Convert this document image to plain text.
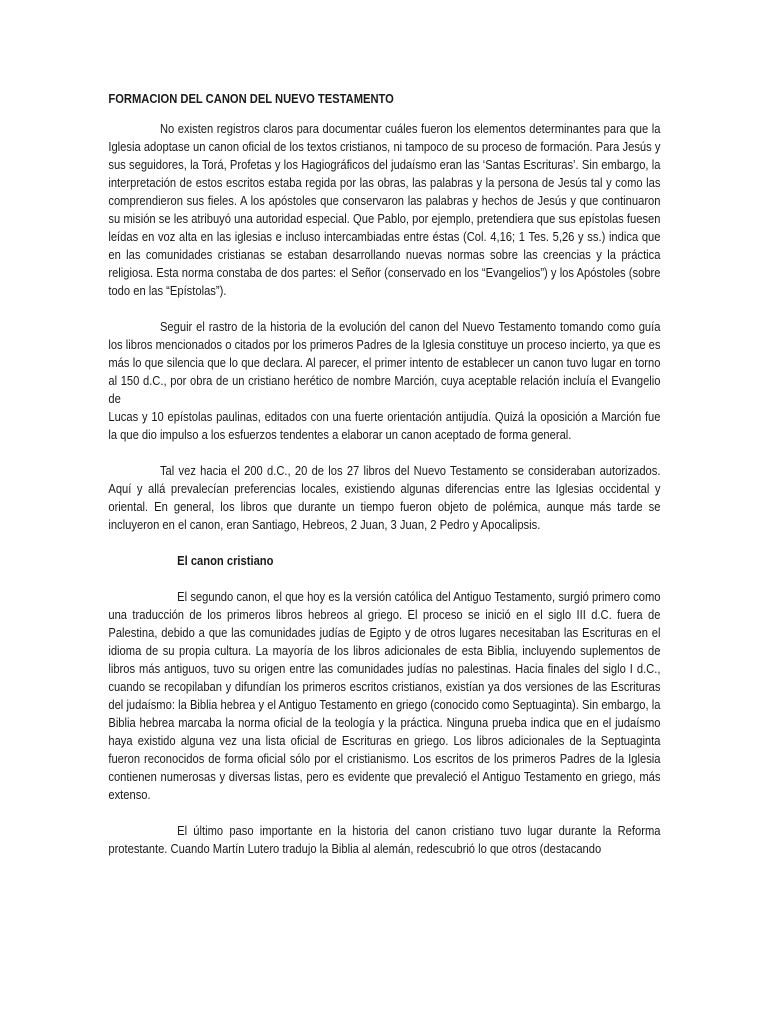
FORMACION DEL CANON DEL NUEVO TESTAMENTO

No existen registros claros para documentar cuáles fueron los elementos determinantes para que la Iglesia adoptase un canon oficial de los textos cristianos, ni tampoco de su proceso de formación. Para Jesús y sus seguidores, la Torá, Profetas y los Hagiográficos del judaísmo eran las ‘Santas Escrituras’. Sin embargo, la interpretación de estos escritos estaba regida por las obras, las palabras y la persona de Jesús tal y como las comprendieron sus fieles. A los apóstoles que conservaron las palabras y hechos de Jesús y que continuaron su misión se les atribuyó una autoridad especial. Que Pablo, por ejemplo, pretendiera que sus epístolas fuesen leídas en voz alta en las iglesias e incluso intercambiadas entre éstas (Col. 4,16; 1 Tes. 5,26 y ss.) indica que en las comunidades cristianas se estaban desarrollando nuevas normas sobre las creencias y la práctica religiosa. Esta norma constaba de dos partes: el Señor (conservado en los “Evangelios”) y los Apóstoles (sobre todo en las “Epístolas”).

Seguir el rastro de la historia de la evolución del canon del Nuevo Testamento tomando como guía los libros mencionados o citados por los primeros Padres de la Iglesia constituye un proceso incierto, ya que es más lo que silencia que lo que declara. Al parecer, el primer intento de establecer un canon tuvo lugar en torno al 150 d.C., por obra de un cristiano herético de nombre Marción, cuya aceptable relación incluía el Evangelio de

Lucas y 10 epístolas paulinas, editados con una fuerte orientación antijudía. Quizá la oposición a Marción fue la que dio impulso a los esfuerzos tendentes a elaborar un canon aceptado de forma general.

Tal vez hacia el 200 d.C., 20 de los 27 libros del Nuevo Testamento se consideraban autorizados. Aquí y allá prevalecían preferencias locales, existiendo algunas diferencias entre las Iglesias occidental y oriental. En general, los libros que durante un tiempo fueron objeto de polémica, aunque más tarde se incluyeron en el canon, eran Santiago, Hebreos, 2 Juan, 3 Juan, 2 Pedro y Apocalipsis.

El canon cristiano

El segundo canon, el que hoy es la versión católica del Antiguo Testamento, surgió primero como una traducción de los primeros libros hebreos al griego. El proceso se inició en el siglo III d.C. fuera de Palestina, debido a que las comunidades judías de Egipto y de otros lugares necesitaban las Escrituras en el idioma de su propia cultura. La mayoría de los libros adicionales de esta Biblia, incluyendo suplementos de libros más antiguos, tuvo su origen entre las comunidades judías no palestinas. Hacia finales del siglo I d.C., cuando se recopilaban y difundían los primeros escritos cristianos, existían ya dos versiones de las Escrituras del judaísmo: la Biblia hebrea y el Antiguo Testamento en griego (conocido como Septuaginta). Sin embargo, la Biblia hebrea marcaba la norma oficial de la teología y la práctica. Ninguna prueba indica que en el judaísmo haya existido alguna vez una lista oficial de Escrituras en griego. Los libros adicionales de la Septuaginta fueron reconocidos de forma oficial sólo por el cristianismo. Los escritos de los primeros Padres de la Iglesia contienen numerosas y diversas listas, pero es evidente que prevaleció el Antiguo Testamento en griego, más extenso.

El último paso importante en la historia del canon cristiano tuvo lugar durante la Reforma protestante. Cuando Martín Lutero tradujo la Biblia al alemán, redescubrió lo que otros (destacando
